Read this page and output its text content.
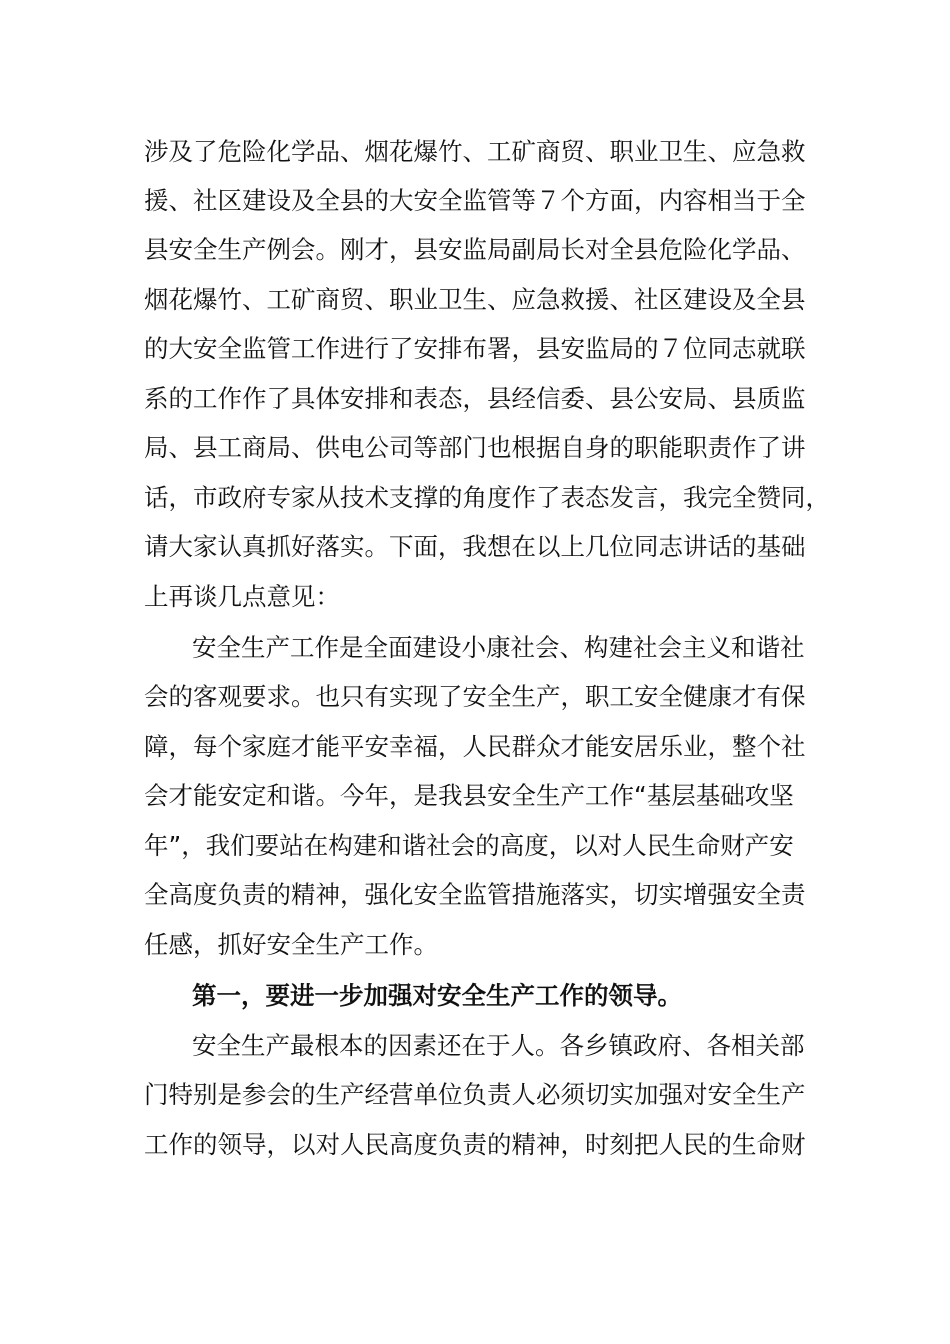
涉及了危险化学品、烟花爆竹、工矿商贸、职业卫生、应急救
援、社区建设及全县的大安全监管等７个方面，内容相当于全
县安全生产例会。刚才，县安监局副局长对全县危险化学品、
烟花爆竹、工矿商贸、职业卫生、应急救援、社区建设及全县
的大安全监管工作进行了安排布署，县安监局的７位同志就联
系的工作作了具体安排和表态，县经信委、县公安局、县质监
局、县工商局、供电公司等部门也根据自身的职能职责作了讲
话，市政府专家从技术支撑的角度作了表态发言，我完全赞同，
请大家认真抓好落实。下面，我想在以上几位同志讲话的基础
上再谈几点意见：
安全生产工作是全面建设小康社会、构建社会主义和谐社
会的客观要求。也只有实现了安全生产，职工安全健康才有保
障，每个家庭才能平安幸福，人民群众才能安居乐业，整个社
会才能安定和谐。今年，是我县安全生产工作“基层基础攻坚
年”，我们要站在构建和谐社会的高度，以对人民生命财产安
全高度负责的精神，强化安全监管措施落实，切实增强安全责
任感，抓好安全生产工作。
第一，要进一步加强对安全生产工作的领导。
安全生产最根本的因素还在于人。各乡镇政府、各相关部
门特别是参会的生产经营单位负责人必须切实加强对安全生产
工作的领导，以对人民高度负责的精神，时刻把人民的生命财
